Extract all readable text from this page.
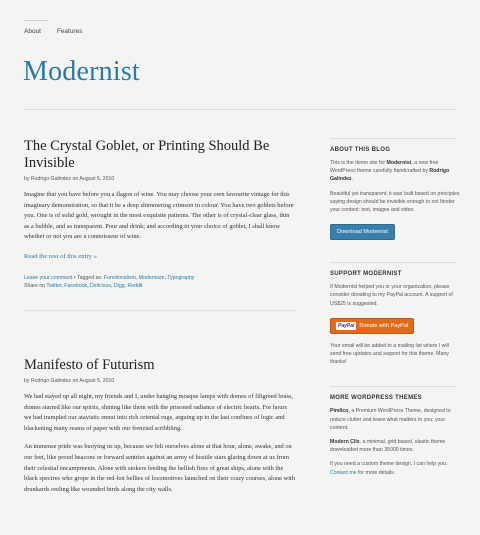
About Features
Modernist
The Crystal Goblet, or Printing Should Be Invisible
by Rodrigo Galindez on August 5, 2010

Imagine that you have before you a flagon of wine. You may choose your own favourite vintage for this imaginary demonstration, so that it be a deep shimmering crimson in colour. You have two goblets before you. One is of solid gold, wrought in the most exquisite patterns. The other is of crystal-clear glass, thin as a bubble, and as transparent. Pour and drink; and according to your choice of goblet, I shall know whether or not you are a connoisseur of wine.

Read the rest of this entry »
Leave your comment • Tagged as: Functionalism, Modernism, Typography
Share on Twitter, Facebook, Delicious, Digg, Reddit
Manifesto of Futurism
by Rodrigo Galindez on August 5, 2010

We had stayed up all night, my friends and I, under hanging mosque lamps with domes of filigreed brass, domes starred like our spirits, shining like them with the prisoned radiance of electric hearts. For hours we had trampled our atavistic ennui into rich oriental rugs, arguing up to the last confines of logic and blackening many reams of paper with our frenzied scribbling.

An immense pride was buoying us up, because we felt ourselves alone at that hour, alone, awake, and on our feet, like proud beacons or forward sentries against an army of hostile stars glaring down at us from their celestial encampments. Alone with stokers feeding the hellish fires of great ships, alone with the black spectres who grope in the red-hot bellies of locomotives launched on their crazy courses, alone with drunkards reeling like wounded birds along the city walls.

ABOUT THIS BLOG

This is the demo site for Modernist, a new free WordPress theme carefully handcrafted by Rodrigo Galindez.

Beautiful yet transparent, it was built based on principles saying design should be invisible enough to not hinder your content: text, images and video.

Download Modernist
SUPPORT MODERNIST

If Modernist helped you or your organization, please consider donating to my PayPal account. A support of US$25 is suggested.

PayPal Donate with PayPal

Your email will be added to a mailing list where I will send free updates and support for this theme. Many thanks!

MORE WORDPRESS THEMES

Pimlico, a Premium WordPress Theme, designed to reduce clutter and leave what matters to you: your content.

Modern Clix, a minimal, grid based, elastic theme downloaded more than 35000 times.

If you need a custom theme design, I can help you. Contact me for more details.
